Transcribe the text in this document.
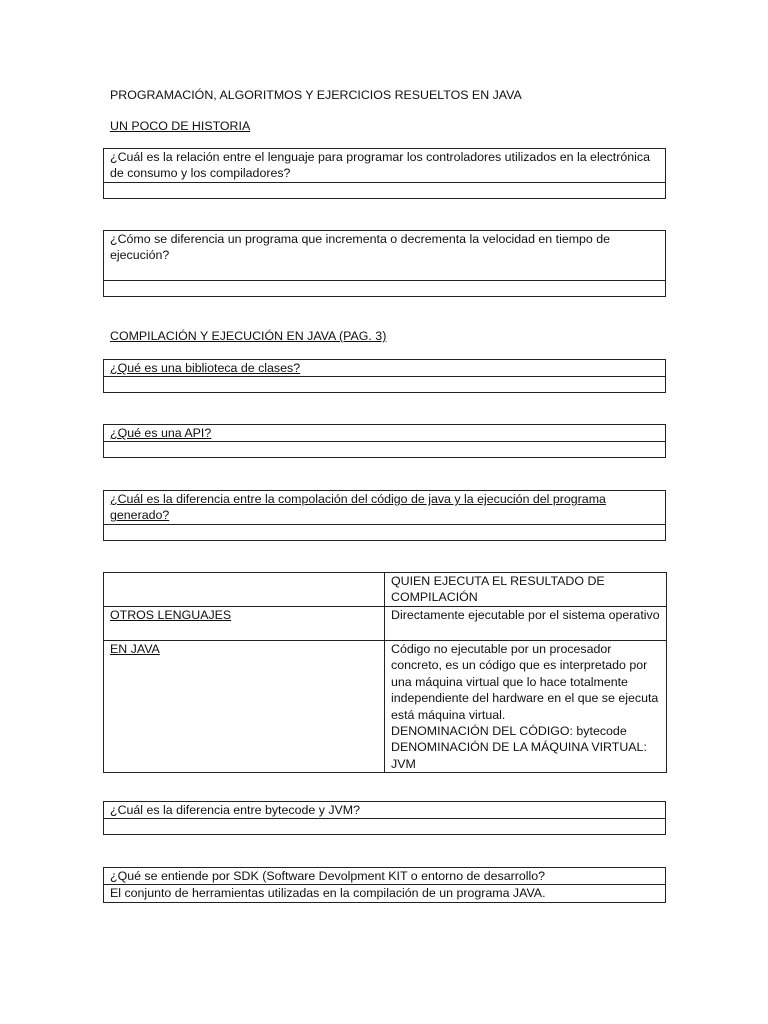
PROGRAMACIÓN, ALGORITMOS Y EJERCICIOS RESUELTOS EN JAVA

UN POCO DE HISTORIA

¿Cuál es la relación entre el lenguaje para programar los controladores utilizados en la electrónica de consumo y los compiladores?

¿Cómo se diferencia un programa que incrementa o decrementa la velocidad en tiempo de ejecución?

COMPILACIÓN Y EJECUCIÓN EN JAVA (PAG. 3)

¿Qué es una biblioteca de clases?

¿Qué es una API?

¿Cuál es la diferencia entre la compolación del código de java y la ejecución del programa generado?

	QUIEN EJECUTA EL RESULTADO DE COMPILACIÓN
OTROS LENGUAJES	Directamente ejecutable por el sistema operativo
EN JAVA	Código no ejecutable por un procesador concreto, es un código que es interpretado por una máquina virtual que lo hace totalmente independiente del hardware en el que se ejecuta está máquina virtual.
DENOMINACIÓN DEL CÓDIGO: bytecode
DENOMINACIÓN DE LA MÁQUINA VIRTUAL: JVM
¿Cuál es la diferencia entre bytecode y JVM?

¿Qué se entiende por SDK (Software Devolpment KIT o entorno de desarrollo?
El conjunto de herramientas utilizadas en la compilación de un programa JAVA.
